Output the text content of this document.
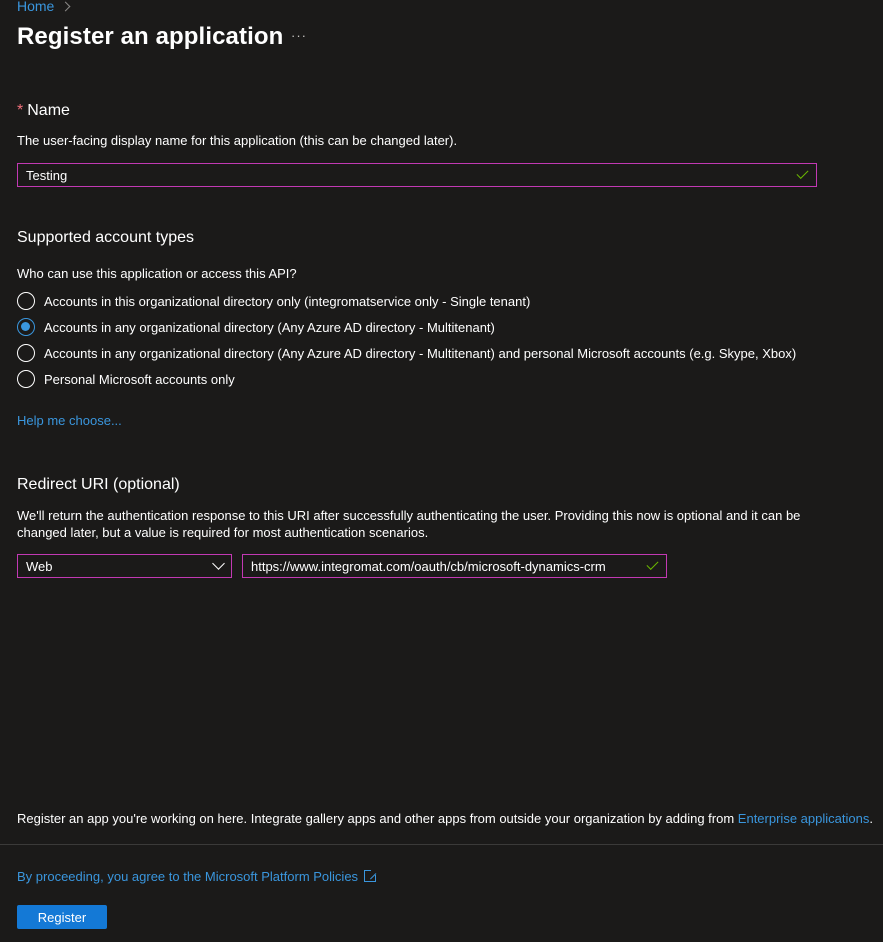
Home
Register an application ···
* Name
The user-facing display name for this application (this can be changed later).
Testing
Supported account types
Who can use this application or access this API?
Accounts in this organizational directory only (integromatservice only - Single tenant)
Accounts in any organizational directory (Any Azure AD directory - Multitenant)
Accounts in any organizational directory (Any Azure AD directory - Multitenant) and personal Microsoft accounts (e.g. Skype, Xbox)
Personal Microsoft accounts only
Help me choose...
Redirect URI (optional)
We'll return the authentication response to this URI after successfully authenticating the user. Providing this now is optional and it can be
changed later, but a value is required for most authentication scenarios.
Web	https://www.integromat.com/oauth/cb/microsoft-dynamics-crm
Register an app you're working on here. Integrate gallery apps and other apps from outside your organization by adding from Enterprise applications.
By proceeding, you agree to the Microsoft Platform Policies
Register
